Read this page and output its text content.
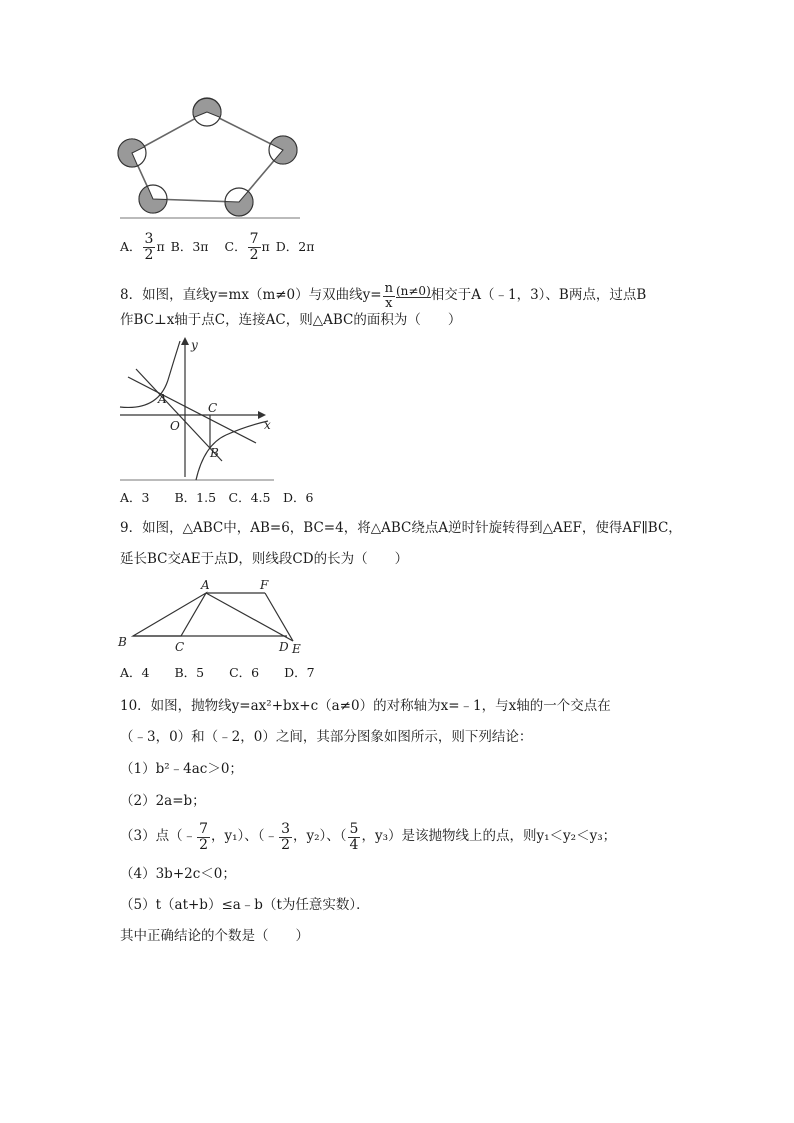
A． $\frac{3}{2}$ π B．3π C． $\frac{7}{2}$ π D．2π
8．如图，直线y=mx（m≠0）与双曲线$y= \frac{n}{x} (n\ne 0)$ 相交于A（﹣1，3）、B两点，过点B
作BC⊥x轴于点C，连接AC，则△ABC的面积为（　　）
y
x
A
C
O
B
A．3　　B．1.5　C．4.5　D．6
9．如图，△ABC中，AB=6，BC=4，将△ABC绕点A逆时针旋转得到△AEF，使得AF∥BC，
延长BC交AE于点D，则线段CD的长为（　　）
A	F
B	C	D E
A．4　　B．5　　C．6　　D．7
10．如图，抛物线y=ax²+bx+c（a≠0）的对称轴为x=﹣1，与x轴的一个交点在
（﹣3，0）和（﹣2，0）之间，其部分图象如图所示，则下列结论：
（1）b²﹣4ac＞0；
（2）2a=b；
（3）点（﹣ $\frac{7}{2}$ ，y₁）、（﹣ $\frac{3}{2}$ ，y₂）、（ $\frac{5}{4}$ ，y₃）是该抛物线上的点，则y₁＜y₂＜y₃；
（4）3b+2c＜0；
（5）t（at+b）≤a﹣b（t为任意实数）．
其中正确结论的个数是（　　）
